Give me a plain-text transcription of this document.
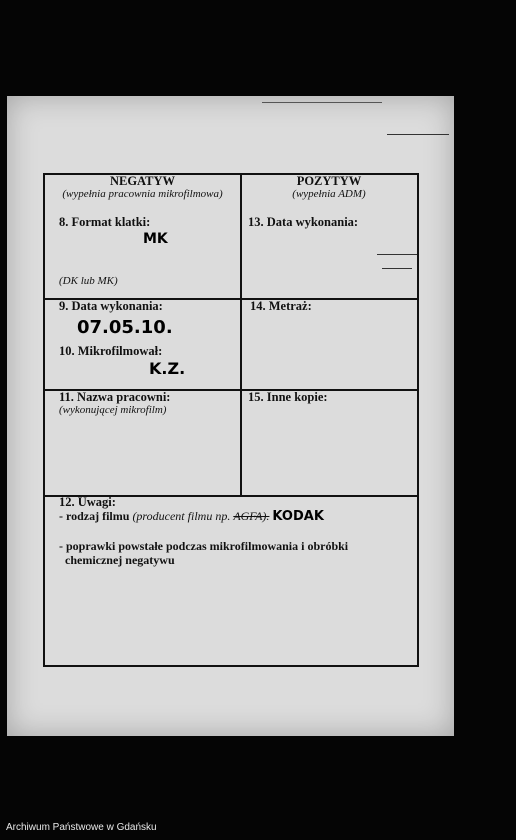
NEGATYW
(wypełnia pracownia mikrofilmowa)
8. Format klatki:
MK
(DK lub MK)
POZYTYW
(wypełnia ADM)
13. Data wykonania:
9. Data wykonania:
07.05.10.
10. Mikrofilmował:
K.Z.
14. Metraż:
11. Nazwa pracowni:
(wykonującej mikrofilm)
15. Inne kopie:
12. Uwagi:
- rodzaj filmu (producent filmu np. AGFA). KODAK
- poprawki powstałe podczas mikrofilmowania i obróbki
chemicznej negatywu
Archiwum Państwowe w Gdańsku
